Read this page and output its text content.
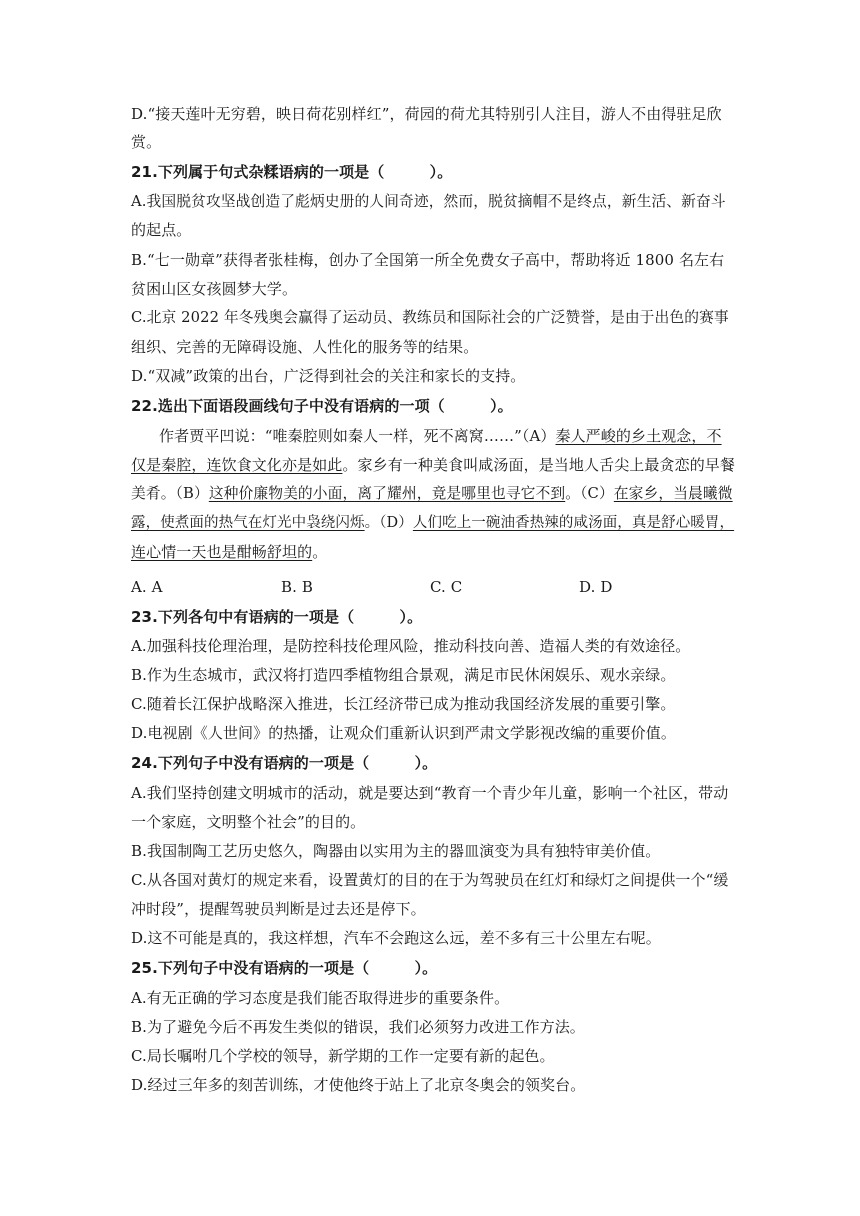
D.“接天莲叶无穷碧，映日荷花别样红”，荷园的荷尤其特别引人注目，游人不由得驻足欣
赏。
21.下列属于句式杂糅语病的一项是（　　　）。
A.我国脱贫攻坚战创造了彪炳史册的人间奇迹，然而，脱贫摘帽不是终点，新生活、新奋斗
的起点。
B.“七一勋章”获得者张桂梅，创办了全国第一所全免费女子高中，帮助将近 1800 名左右
贫困山区女孩圆梦大学。
C.北京 2022 年冬残奥会赢得了运动员、教练员和国际社会的广泛赞誉，是由于出色的赛事
组织、完善的无障碍设施、人性化的服务等的结果。
D.“双减”政策的出台，广泛得到社会的关注和家长的支持。
22.选出下面语段画线句子中没有语病的一项（　　　）。
作者贾平凹说：“唯秦腔则如秦人一样，死不离窝……”（A）秦人严峻的乡土观念，不
仅是秦腔，连饮食文化亦是如此。家乡有一种美食叫咸汤面，是当地人舌尖上最贪恋的早餐
美肴。（B）这种价廉物美的小面，离了耀州，竟是哪里也寻它不到。（C）在家乡，当晨曦微
露，使煮面的热气在灯光中袅绕闪烁。（D）人们吃上一碗油香热辣的咸汤面，真是舒心暖胃，
连心情一天也是酣畅舒坦的。
A. A	B. B	C. C	D. D
23.下列各句中有语病的一项是（　　　）。
A.加强科技伦理治理，是防控科技伦理风险，推动科技向善、造福人类的有效途径。
B.作为生态城市，武汉将打造四季植物组合景观，满足市民休闲娱乐、观水亲绿。
C.随着长江保护战略深入推进，长江经济带已成为推动我国经济发展的重要引擎。
D.电视剧《人世间》的热播，让观众们重新认识到严肃文学影视改编的重要价值。
24.下列句子中没有语病的一项是（　　　）。
A.我们坚持创建文明城市的活动，就是要达到“教育一个青少年儿童，影响一个社区，带动
一个家庭，文明整个社会”的目的。
B.我国制陶工艺历史悠久，陶器由以实用为主的器皿演变为具有独特审美价值。
C.从各国对黄灯的规定来看，设置黄灯的目的在于为驾驶员在红灯和绿灯之间提供一个“缓
冲时段”，提醒驾驶员判断是过去还是停下。
D.这不可能是真的，我这样想，汽车不会跑这么远，差不多有三十公里左右呢。
25.下列句子中没有语病的一项是（　　　）。
A.有无正确的学习态度是我们能否取得进步的重要条件。
B.为了避免今后不再发生类似的错误，我们必须努力改进工作方法。
C.局长嘱咐几个学校的领导，新学期的工作一定要有新的起色。
D.经过三年多的刻苦训练，才使他终于站上了北京冬奥会的领奖台。
